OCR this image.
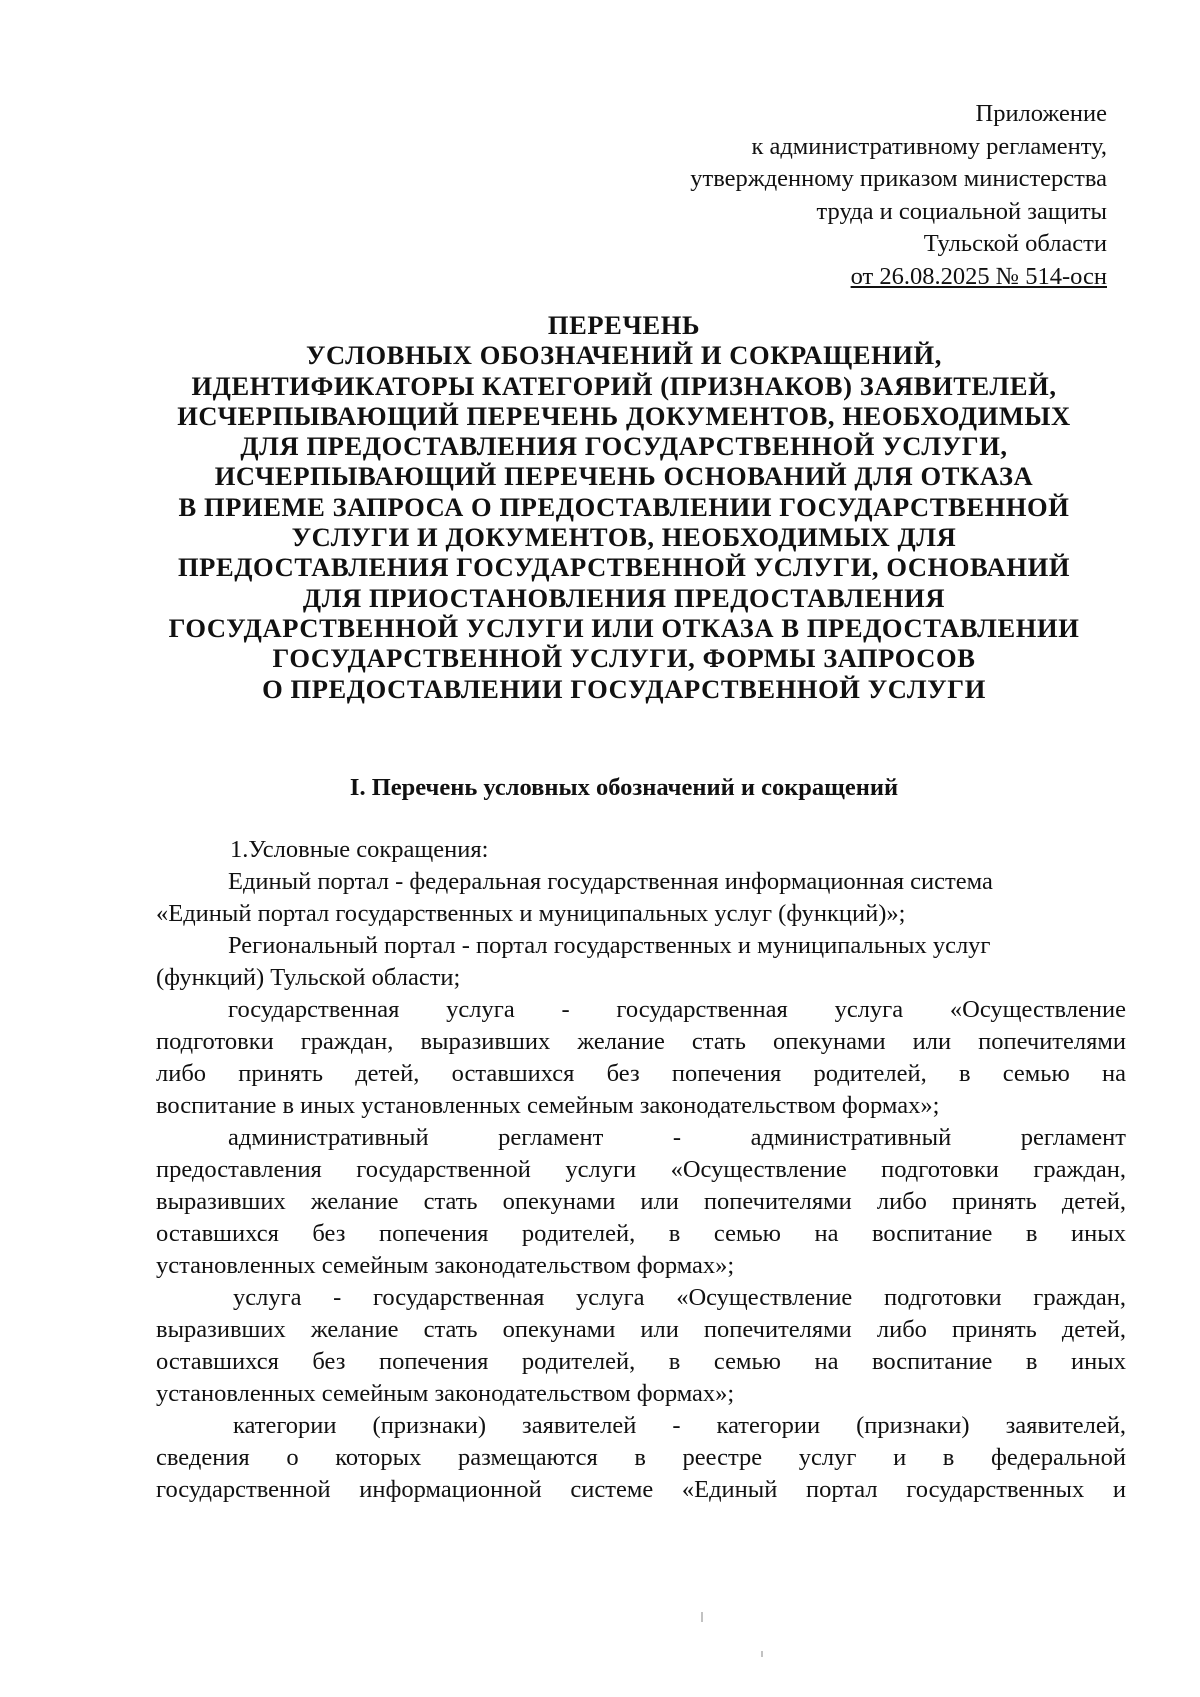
Приложение
к административному регламенту,
утвержденному приказом министерства
труда и социальной защиты
Тульской области
от 26.08.2025 № 514-осн
ПЕРЕЧЕНЬ
УСЛОВНЫХ ОБОЗНАЧЕНИЙ И СОКРАЩЕНИЙ,
ИДЕНТИФИКАТОРЫ КАТЕГОРИЙ (ПРИЗНАКОВ) ЗАЯВИТЕЛЕЙ,
ИСЧЕРПЫВАЮЩИЙ ПЕРЕЧЕНЬ ДОКУМЕНТОВ, НЕОБХОДИМЫХ
ДЛЯ ПРЕДОСТАВЛЕНИЯ ГОСУДАРСТВЕННОЙ УСЛУГИ,
ИСЧЕРПЫВАЮЩИЙ ПЕРЕЧЕНЬ ОСНОВАНИЙ ДЛЯ ОТКАЗА
В ПРИЕМЕ ЗАПРОСА О ПРЕДОСТАВЛЕНИИ ГОСУДАРСТВЕННОЙ
УСЛУГИ И ДОКУМЕНТОВ, НЕОБХОДИМЫХ ДЛЯ
ПРЕДОСТАВЛЕНИЯ ГОСУДАРСТВЕННОЙ УСЛУГИ, ОСНОВАНИЙ
ДЛЯ ПРИОСТАНОВЛЕНИЯ ПРЕДОСТАВЛЕНИЯ
ГОСУДАРСТВЕННОЙ УСЛУГИ ИЛИ ОТКАЗА В ПРЕДОСТАВЛЕНИИ
ГОСУДАРСТВЕННОЙ УСЛУГИ, ФОРМЫ ЗАПРОСОВ
О ПРЕДОСТАВЛЕНИИ ГОСУДАРСТВЕННОЙ УСЛУГИ
I. Перечень условных обозначений и сокращений
1.Условные сокращения:
Единый портал - федеральная государственная информационная система
«Единый портал государственных и муниципальных услуг (функций)»;
Региональный портал - портал государственных и муниципальных услуг
(функций) Тульской области;
государственная услуга - государственная услуга «Осуществление
подготовки граждан, выразивших желание стать опекунами или попечителями
либо принять детей, оставшихся без попечения родителей, в семью на
воспитание в иных установленных семейным законодательством формах»;
административный регламент - административный регламент
предоставления государственной услуги «Осуществление подготовки граждан,
выразивших желание стать опекунами или попечителями либо принять детей,
оставшихся без попечения родителей, в семью на воспитание в иных
установленных семейным законодательством формах»;
услуга - государственная услуга «Осуществление подготовки граждан,
выразивших желание стать опекунами или попечителями либо принять детей,
оставшихся без попечения родителей, в семью на воспитание в иных
установленных семейным законодательством формах»;
категории (признаки) заявителей - категории (признаки) заявителей,
сведения о которых размещаются в реестре услуг и в федеральной
государственной информационной системе «Единый портал государственных и
